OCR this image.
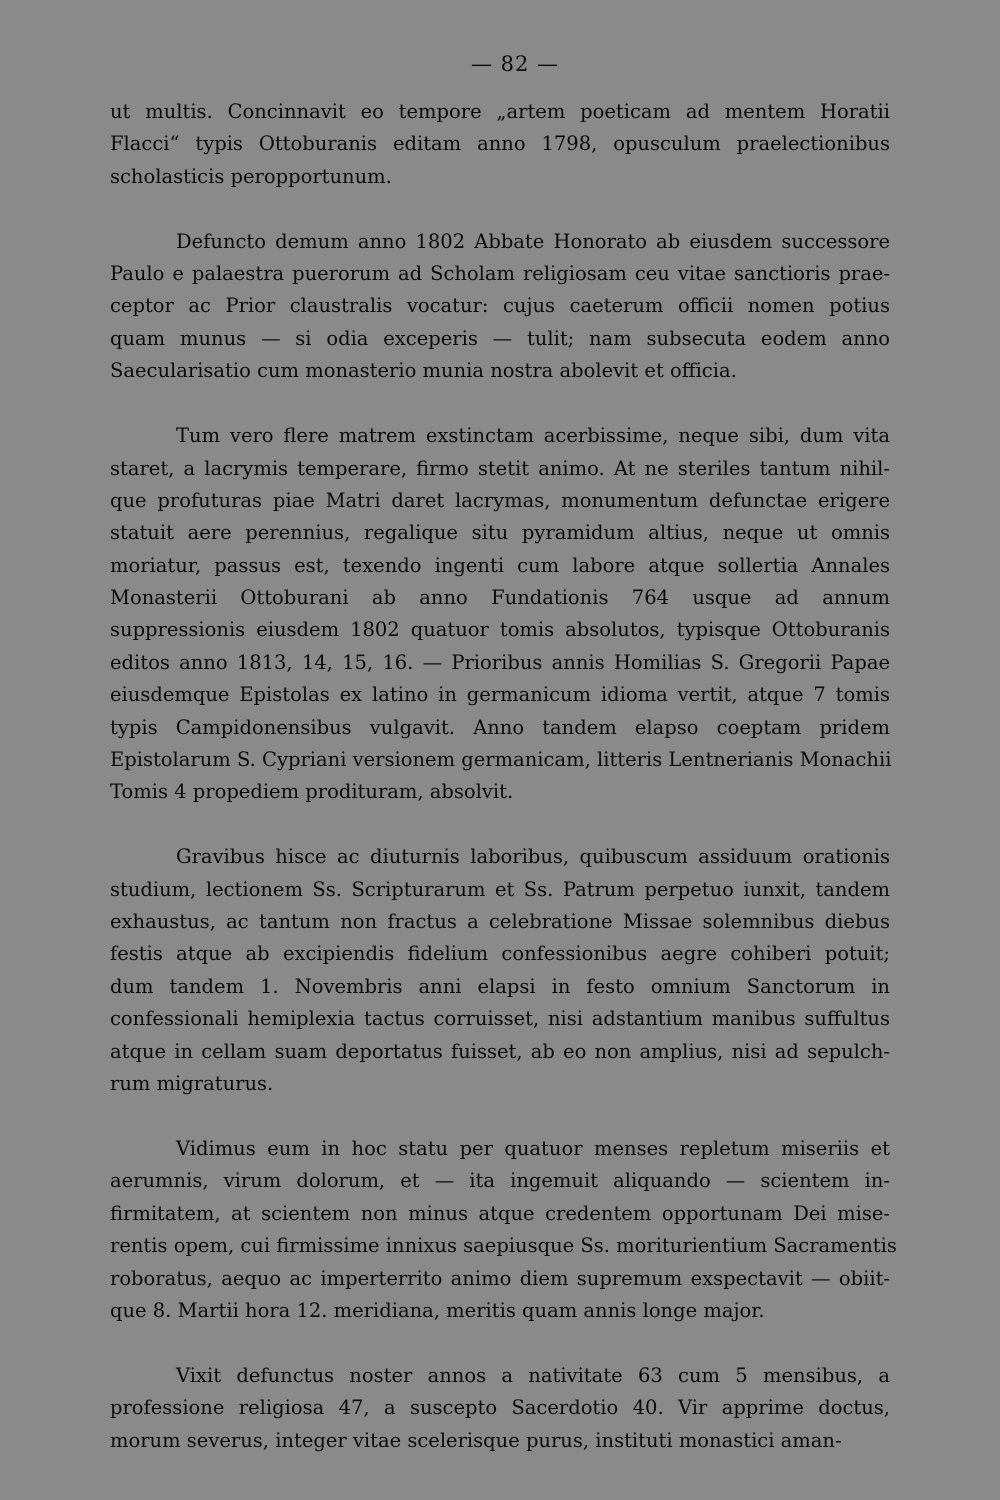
— 82 —
ut multis. Concinnavit eo tempore „artem poeticam ad mentem Horatii
Flacci“ typis Ottoburanis editam anno 1798, opusculum praelectionibus
scholasticis peropportunum.
Defuncto demum anno 1802 Abbate Honorato ab eiusdem successore
Paulo e palaestra puerorum ad Scholam religiosam ceu vitae sanctioris prae-
ceptor ac Prior claustralis vocatur: cujus caeterum officii nomen potius
quam munus — si odia exceperis — tulit; nam subsecuta eodem anno
Saecularisatio cum monasterio munia nostra abolevit et officia.
Tum vero flere matrem exstinctam acerbissime, neque sibi, dum vita
staret, a lacrymis temperare, firmo stetit animo. At ne steriles tantum nihil-
que profuturas piae Matri daret lacrymas, monumentum defunctae erigere
statuit aere perennius, regalique situ pyramidum altius, neque ut omnis
moriatur, passus est, texendo ingenti cum labore atque sollertia Annales
Monasterii Ottoburani ab anno Fundationis 764 usque ad annum
suppressionis eiusdem 1802 quatuor tomis absolutos, typisque Ottoburanis
editos anno 1813, 14, 15, 16. — Prioribus annis Homilias S. Gregorii Papae
eiusdemque Epistolas ex latino in germanicum idioma vertit, atque 7 tomis
typis Campidonensibus vulgavit. Anno tandem elapso coeptam pridem
Epistolarum S. Cypriani versionem germanicam, litteris Lentnerianis Monachii
Tomis 4 propediem prodituram, absolvit.
Gravibus hisce ac diuturnis laboribus, quibuscum assiduum orationis
studium, lectionem Ss. Scripturarum et Ss. Patrum perpetuo iunxit, tandem
exhaustus, ac tantum non fractus a celebratione Missae solemnibus diebus
festis atque ab excipiendis fidelium confessionibus aegre cohiberi potuit;
dum tandem 1. Novembris anni elapsi in festo omnium Sanctorum in
confessionali hemiplexia tactus corruisset, nisi adstantium manibus suffultus
atque in cellam suam deportatus fuisset, ab eo non amplius, nisi ad sepulch-
rum migraturus.
Vidimus eum in hoc statu per quatuor menses repletum miseriis et
aerumnis, virum dolorum, et — ita ingemuit aliquando — scientem in-
firmitatem, at scientem non minus atque credentem opportunam Dei mise-
rentis opem, cui firmissime innixus saepiusque Ss. moriturientium Sacramentis
roboratus, aequo ac imperterrito animo diem supremum exspectavit — obiit-
que 8. Martii hora 12. meridiana, meritis quam annis longe major.
Vixit defunctus noster annos a nativitate 63 cum 5 mensibus, a
professione religiosa 47, a suscepto Sacerdotio 40. Vir apprime doctus,
morum severus, integer vitae scelerisque purus, instituti monastici aman-
